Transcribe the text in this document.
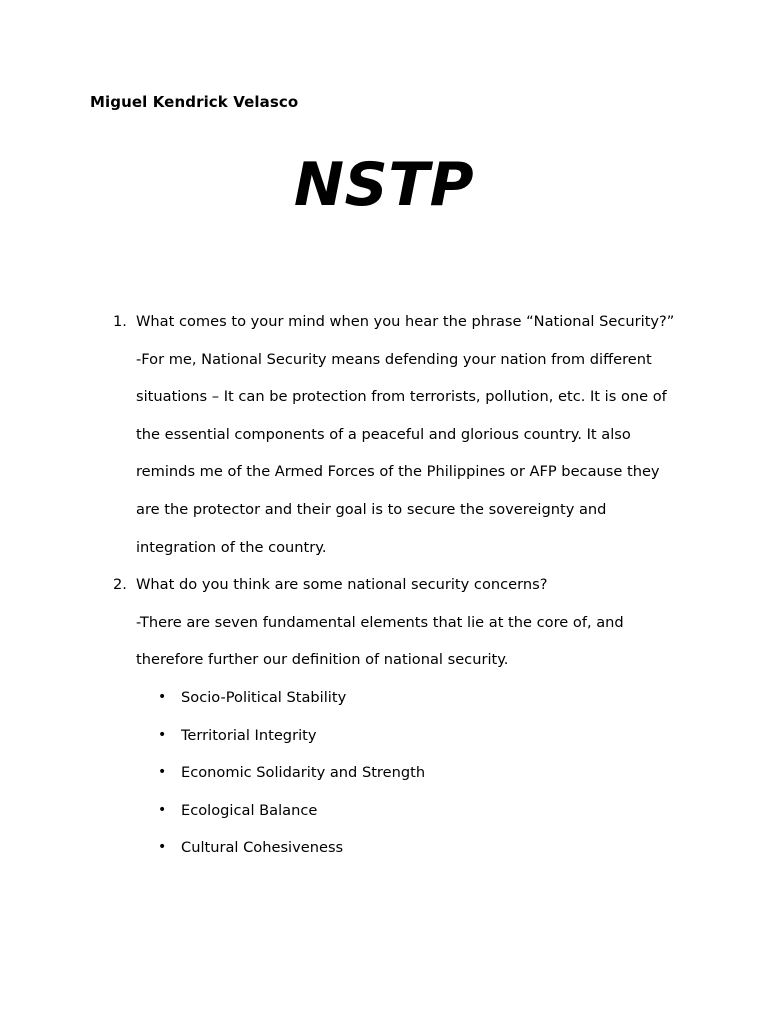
Miguel Kendrick Velasco
NSTP
1. What comes to your mind when you hear the phrase “National Security?”
-For me, National Security means defending your nation from different situations – It can be protection from terrorists, pollution, etc. It is one of the essential components of a peaceful and glorious country. It also reminds me of the Armed Forces of the Philippines or AFP because they are the protector and their goal is to secure the sovereignty and integration of the country.
2. What do you think are some national security concerns?
-There are seven fundamental elements that lie at the core of, and therefore further our definition of national security.
• Socio-Political Stability
• Territorial Integrity
• Economic Solidarity and Strength
• Ecological Balance
• Cultural Cohesiveness
